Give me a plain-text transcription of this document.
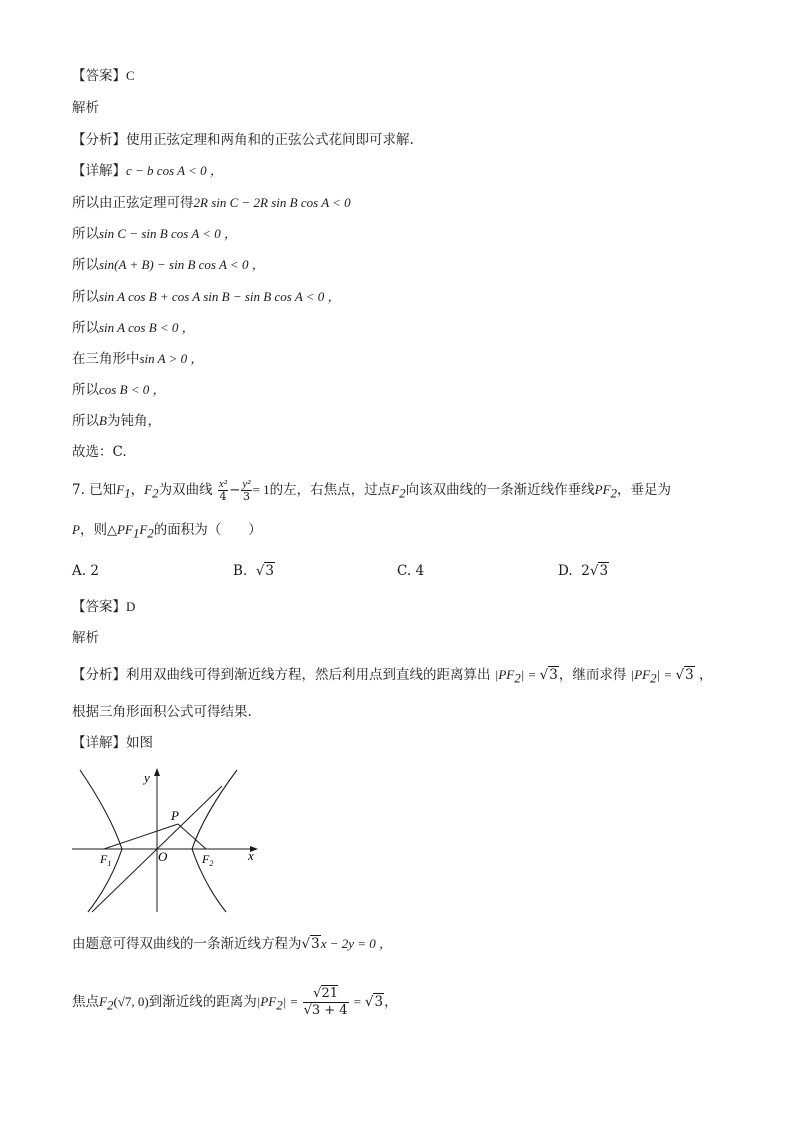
【答案】C
解析
【分析】使用正弦定理和两角和的正弦公式花间即可求解.
【详解】c − b cos A < 0 ，
所以由正弦定理可得2R sin C − 2R sin B cos A < 0
所以sin C − sin B cos A < 0 ，
所以sin(A + B) − sin B cos A < 0 ，
所以sin A cos B + cos A sin B − sin B cos A < 0 ，
所以sin A cos B < 0 ，
在三角形中sin A > 0 ，
所以cos B < 0 ，
所以B为钝角，
故选：C.
7. 已知$F_1$，$F_2$为双曲线 $\frac{\text{x²}}{4} - \frac{\text{y²}}{3} = 1$的左，右焦点，过点$F_2$向该双曲线的一条渐近线作垂线$PF_2$，垂足为
P，则$\triangle PF_1F_2$的面积为（　　）
A. 2	B. √3	C. 4	D. 2√3
【答案】D
解析
【分析】利用双曲线可得到渐近线方程，然后利用点到直线的距离算出 $|PF_2| = √3$，继而求得 $|PF_2| = √3$ ，
根据三角形面积公式可得结果.
【详解】如图
y
x
P
O
$F_1$	$F_2$
由题意可得双曲线的一条渐近线方程为√3x − 2y = 0 ，
焦点$F_2(√7$, 0)到渐近线的距离为$|PF_2| = \frac{√21}{√3 + 4} = √3$，
